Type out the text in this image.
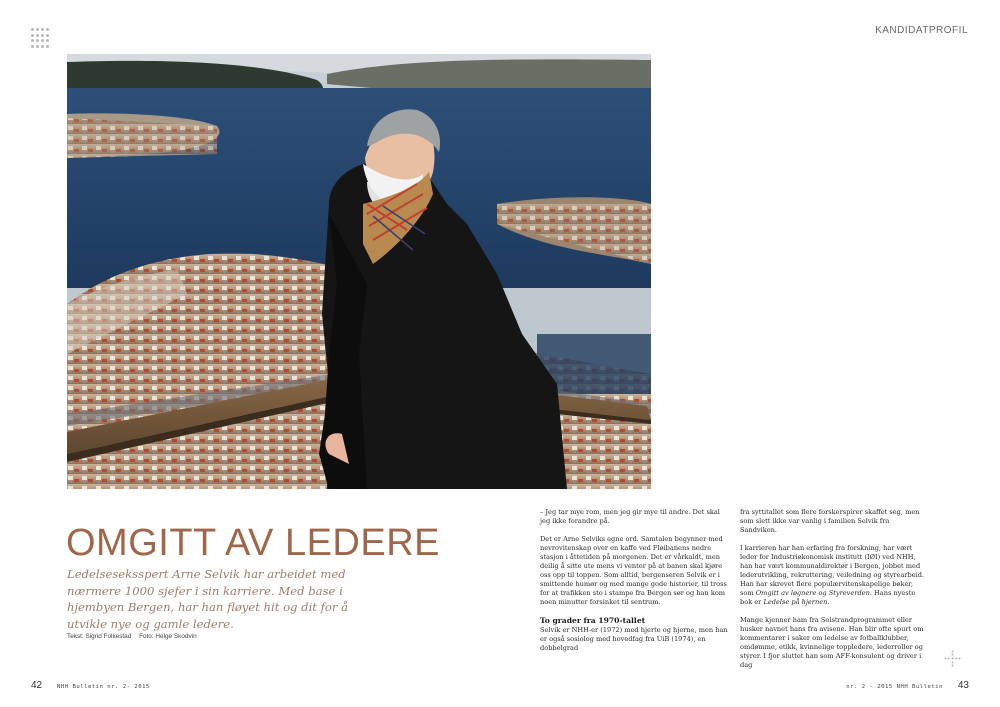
KANDIDATPROFIL
OMGITT AV LEDERE

Ledelseseksspert Arne Selvik har arbeidet med nærmere 1000 sjefer i sin karriere. Med base i hjembyen Bergen, har han fløyet hit og dit for å utvikle nye og gamle ledere.

Tekst: Sigrid Folkestad Foto: Helge Skodvin

– Jeg tar mye rom, men jeg gir mye til andre. Det skal jeg ikke forandre på.

Det er Arne Selviks egne ord. Samtalen begynner med nevrovitenskap over en kaffe ved Fløibanens nedre stasjon i åttetiden på morgenen. Det er vårkaldt, men deilig å sitte ute mens vi venter på at banen skal kjøre oss opp til toppen. Som alltid, bergenseren Selvik er i smittende humør og med mange gode historier, til tross for at trafikken sto i stampe fra Bergen sør og han kom noen minutter forsinket til sentrum.

To grader fra 1970-tallet

Selvik er NHH-er (1972) med hjerte og hjerne, men han er også sosiolog med hovedfag fra UiB (1974), en dobbelgrad

fra syttitallet som flere forskerspirer skaffet seg, men som slett ikke var vanlig i familien Selvik fra Sandviken.

I karrieren har han erfaring fra forskning, har vært leder for Industriøkonomisk institutt (IØI) ved NHH, han har vært kommunaldirektør i Bergen, jobbet med lederutvikling, rekruttering, veiledning og styrearbeid. Han har skrevet flere populærvitenskapelige bøker, som Omgitt av løgnere og Styreverden. Hans nyeste bok er Ledelse på hjernen.

Mange kjenner ham fra Solstrandprogrammet eller husker navnet hans fra avisene. Han blir ofte spurt om kommentarer i saker om ledelse av fotballklubber, omdømme, etikk, kvinnelige toppledere, lederroller og styrer. I fjor sluttet han som AFF-konsulent og driver i dag

42	NHH Bulletin nr. 2- 2015	nr. 2 - 2015 NHH Bulletin 43
